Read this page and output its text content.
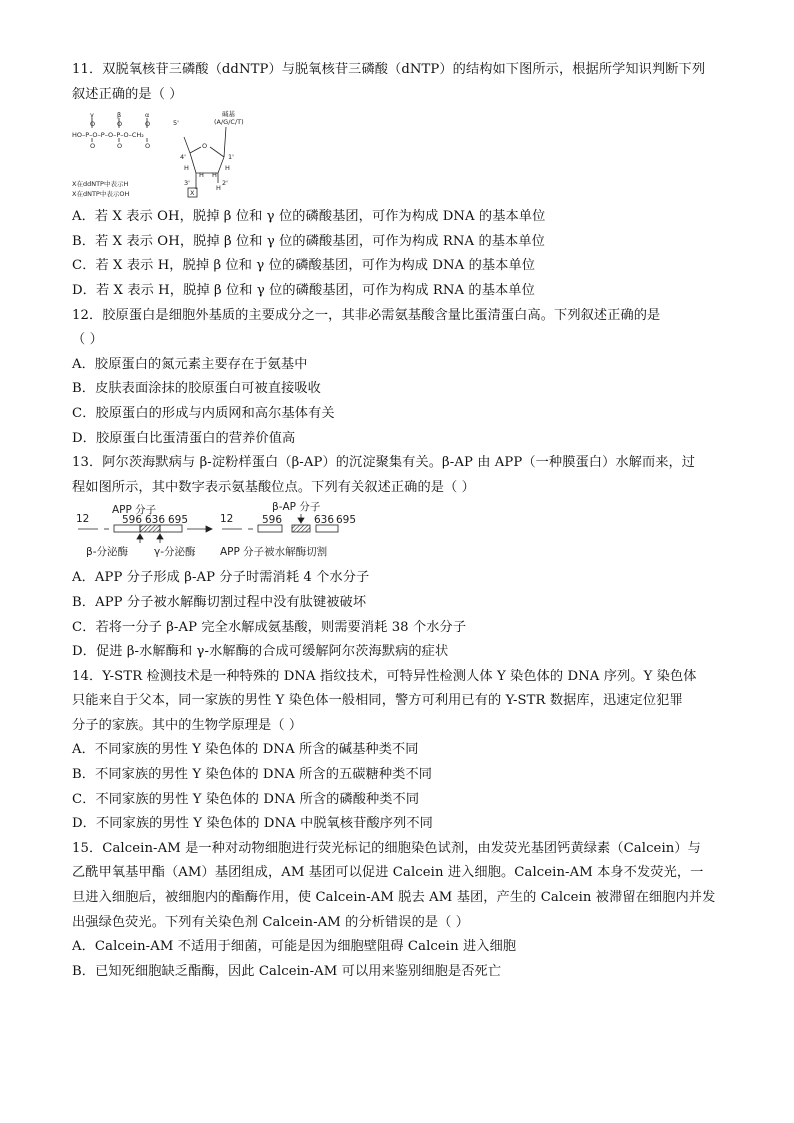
11．双脱氧核苷三磷酸（ddNTP）与脱氧核苷三磷酸（dNTP）的结构如下图所示，根据所学知识判断下列
叙述正确的是（ ）
γ	β	α
O	O	O	5'
HO–P–O–P–O–P–O–CH₂
O	O	O
碱基
(A/G/C/T)
O
4'	1'
H	H
H H
3'	2'
H
X
X在ddNTP中表示H
X在dNTP中表示OH
A．若 X 表示 OH，脱掉 β 位和 γ 位的磷酸基团，可作为构成 DNA 的基本单位
B．若 X 表示 OH，脱掉 β 位和 γ 位的磷酸基团，可作为构成 RNA 的基本单位
C．若 X 表示 H，脱掉 β 位和 γ 位的磷酸基团，可作为构成 DNA 的基本单位
D．若 X 表示 H，脱掉 β 位和 γ 位的磷酸基团，可作为构成 RNA 的基本单位
12．胶原蛋白是细胞外基质的主要成分之一，其非必需氨基酸含量比蛋清蛋白高。下列叙述正确的是
（ ）
A．胶原蛋白的氮元素主要存在于氨基中
B．皮肤表面涂抹的胶原蛋白可被直接吸收
C．胶原蛋白的形成与内质网和高尔基体有关
D．胶原蛋白比蛋清蛋白的营养价值高
13．阿尔茨海默病与 β-淀粉样蛋白（β-AP）的沉淀聚集有关。β-AP 由 APP（一种膜蛋白）水解而来，过
程如图所示，其中数字表示氨基酸位点。下列有关叙述正确的是（ ）
APP 分子	β-AP 分子
12	596 636 695	12	596	636 695
β-分泌酶 γ-分泌酶 APP 分子被水解酶切割
A．APP 分子形成 β-AP 分子时需消耗 4 个水分子
B．APP 分子被水解酶切割过程中没有肽键被破坏
C．若将一分子 β-AP 完全水解成氨基酸，则需要消耗 38 个水分子
D．促进 β-水解酶和 γ-水解酶的合成可缓解阿尔茨海默病的症状
14．Y-STR 检测技术是一种特殊的 DNA 指纹技术，可特异性检测人体 Y 染色体的 DNA 序列。Y 染色体
只能来自于父本，同一家族的男性 Y 染色体一般相同，警方可利用已有的 Y-STR 数据库，迅速定位犯罪
分子的家族。其中的生物学原理是（ ）
A．不同家族的男性 Y 染色体的 DNA 所含的碱基种类不同
B．不同家族的男性 Y 染色体的 DNA 所含的五碳糖种类不同
C．不同家族的男性 Y 染色体的 DNA 所含的磷酸种类不同
D．不同家族的男性 Y 染色体的 DNA 中脱氧核苷酸序列不同
15．Calcein-AM 是一种对动物细胞进行荧光标记的细胞染色试剂，由发荧光基团钙黄绿素（Calcein）与
乙酰甲氧基甲酯（AM）基团组成，AM 基团可以促进 Calcein 进入细胞。Calcein-AM 本身不发荧光，一
旦进入细胞后，被细胞内的酯酶作用，使 Calcein-AM 脱去 AM 基团，产生的 Calcein 被滞留在细胞内并发
出强绿色荧光。下列有关染色剂 Calcein-AM 的分析错误的是（ ）
A．Calcein-AM 不适用于细菌，可能是因为细胞壁阻碍 Calcein 进入细胞
B．已知死细胞缺乏酯酶，因此 Calcein-AM 可以用来鉴别细胞是否死亡
